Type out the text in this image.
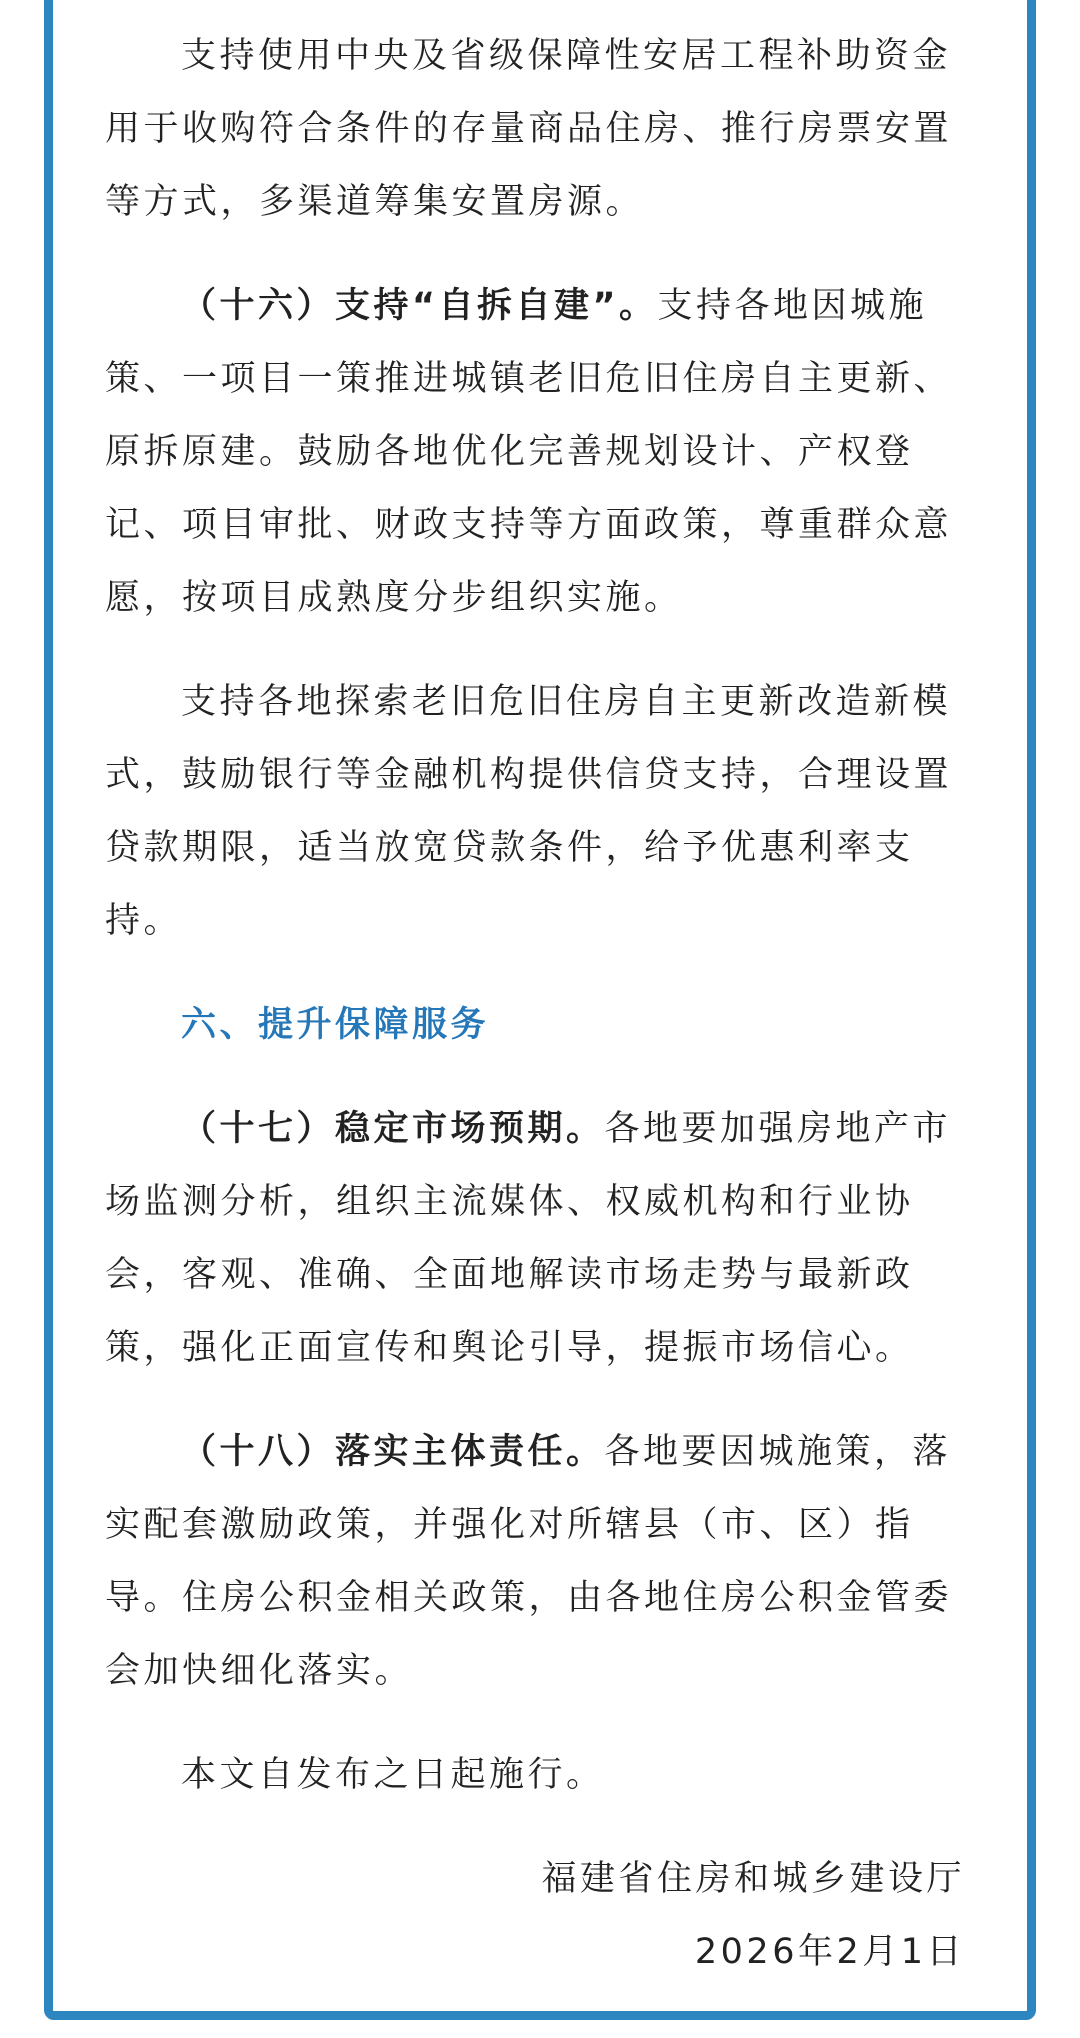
支持使用中央及省级保障性安居工程补助资金用于收购符合条件的存量商品住房、推行房票安置等方式，多渠道筹集安置房源。

（十六）支持“自拆自建”。支持各地因城施策、一项目一策推进城镇老旧危旧住房自主更新、原拆原建。鼓励各地优化完善规划设计、产权登记、项目审批、财政支持等方面政策，尊重群众意愿，按项目成熟度分步组织实施。

支持各地探索老旧危旧住房自主更新改造新模式，鼓励银行等金融机构提供信贷支持，合理设置贷款期限，适当放宽贷款条件，给予优惠利率支持。

六、提升保障服务

（十七）稳定市场预期。各地要加强房地产市场监测分析，组织主流媒体、权威机构和行业协会，客观、准确、全面地解读市场走势与最新政策，强化正面宣传和舆论引导，提振市场信心。

（十八）落实主体责任。各地要因城施策，落实配套激励政策，并强化对所辖县（市、区）指导。住房公积金相关政策，由各地住房公积金管委会加快细化落实。

本文自发布之日起施行。

福建省住房和城乡建设厅

2026年2月1日
